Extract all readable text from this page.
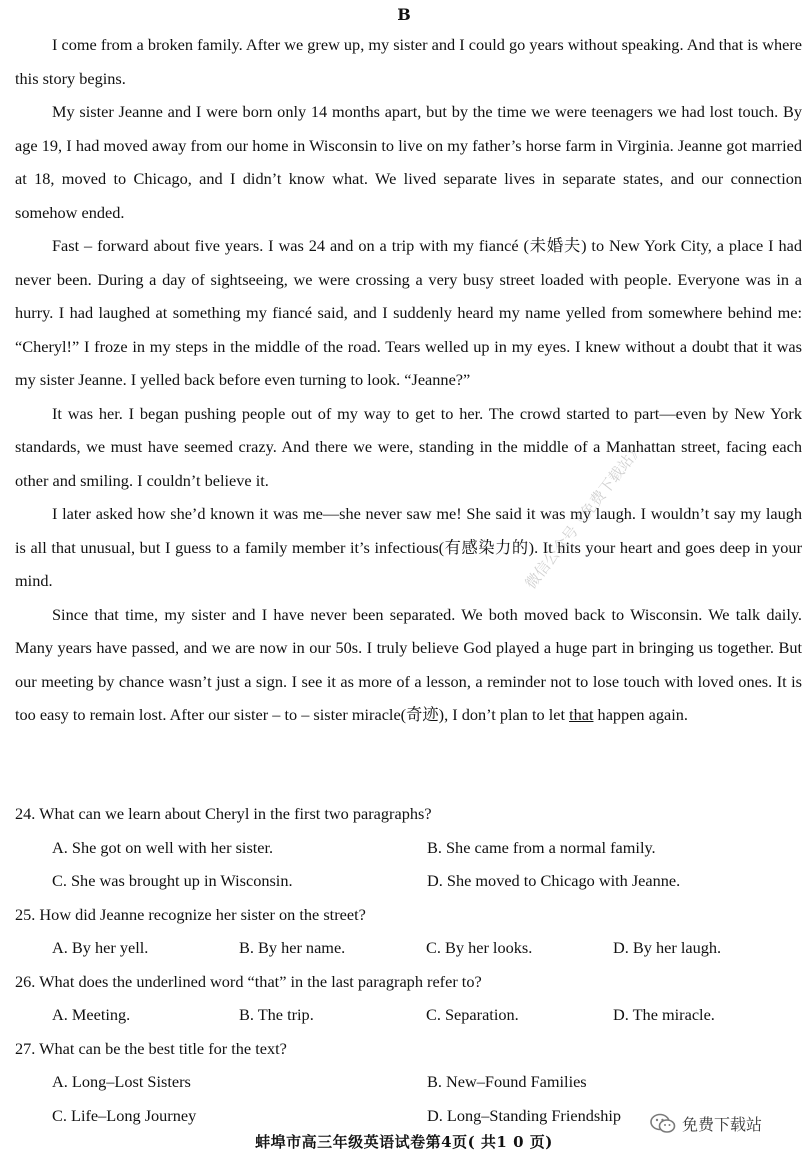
B

I come from a broken family. After we grew up, my sister and I could go years without speaking. And that is where this story begins.

My sister Jeanne and I were born only 14 months apart, but by the time we were teenagers we had lost touch. By age 19, I had moved away from our home in Wisconsin to live on my father’s horse farm in Virginia. Jeanne got married at 18, moved to Chicago, and I didn’t know what. We lived separate lives in separate states, and our connection somehow ended.

Fast – forward about five years. I was 24 and on a trip with my fiancé (未婚夫) to New York City, a place I had never been. During a day of sightseeing, we were crossing a very busy street loaded with people. Everyone was in a hurry. I had laughed at something my fiancé said, and I suddenly heard my name yelled from somewhere behind me: “Cheryl!” I froze in my steps in the middle of the road. Tears welled up in my eyes. I knew without a doubt that it was my sister Jeanne. I yelled back before even turning to look. “Jeanne?”

It was her. I began pushing people out of my way to get to her. The crowd started to part—even by New York standards, we must have seemed crazy. And there we were, standing in the middle of a Manhattan street, facing each other and smiling. I couldn’t believe it.

I later asked how she’d known it was me—she never saw me! She said it was my laugh. I wouldn’t say my laugh is all that unusual, but I guess to a family member it’s infectious(有感染力的). It hits your heart and goes deep in your mind.

Since that time, my sister and I have never been separated. We both moved back to Wisconsin. We talk daily. Many years have passed, and we are now in our 50s. I truly believe God played a huge part in bringing us together. But our meeting by chance wasn’t just a sign. I see it as more of a lesson, a reminder not to lose touch with loved ones. It is too easy to remain lost. After our sister – to – sister miracle(奇迹), I don’t plan to let that happen again.

24. What can we learn about Cheryl in the first two paragraphs?

A. She got on well with her sister.	B. She came from a normal family.
C. She was brought up in Wisconsin.	D. She moved to Chicago with Jeanne.

25. How did Jeanne recognize her sister on the street?

A. By her yell.	B. By her name.	C. By her looks.	D. By her laugh.

26. What does the underlined word “that” in the last paragraph refer to?

A. Meeting.	B. The trip.	C. Separation.	D. The miracle.

27. What can be the best title for the text?

A. Long–Lost Sisters	B. New–Found Families
C. Life–Long Journey	D. Long–Standing Friendship
微信公众号《免费下载站》
蚌埠市高三年级英语试卷第4页( 共1 0 页)
免费下载站
